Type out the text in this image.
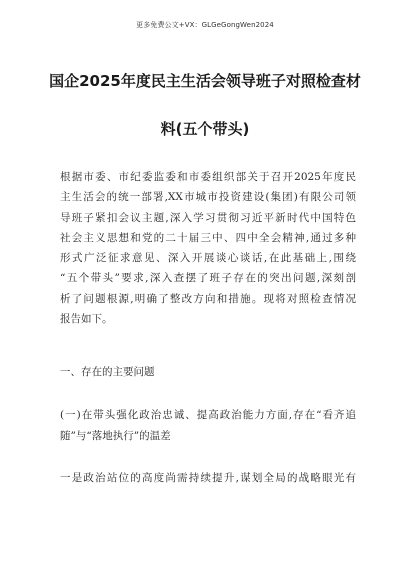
更多免费公文+VX：GLGeGongWen2024
国企2025年度民主生活会领导班子对照检查材
料(五个带头)
根据市委、市纪委监委和市委组织部关于召开2025年度民
主生活会的统一部署,XX市城市投资建设(集团)有限公司领
导班子紧扣会议主题,深入学习贯彻习近平新时代中国特色
社会主义思想和党的二十届三中、四中全会精神,通过多种
形式广泛征求意见、深入开展谈心谈话,在此基础上,围绕
“五个带头”要求,深入查摆了班子存在的突出问题,深刻剖
析了问题根源,明确了整改方向和措施。现将对照检查情况
报告如下。
一、存在的主要问题
(一)在带头强化政治忠诚、提高政治能力方面,存在“看齐追
随”与“落地执行”的温差
一是政治站位的高度尚需持续提升,谋划全局的战略眼光有
